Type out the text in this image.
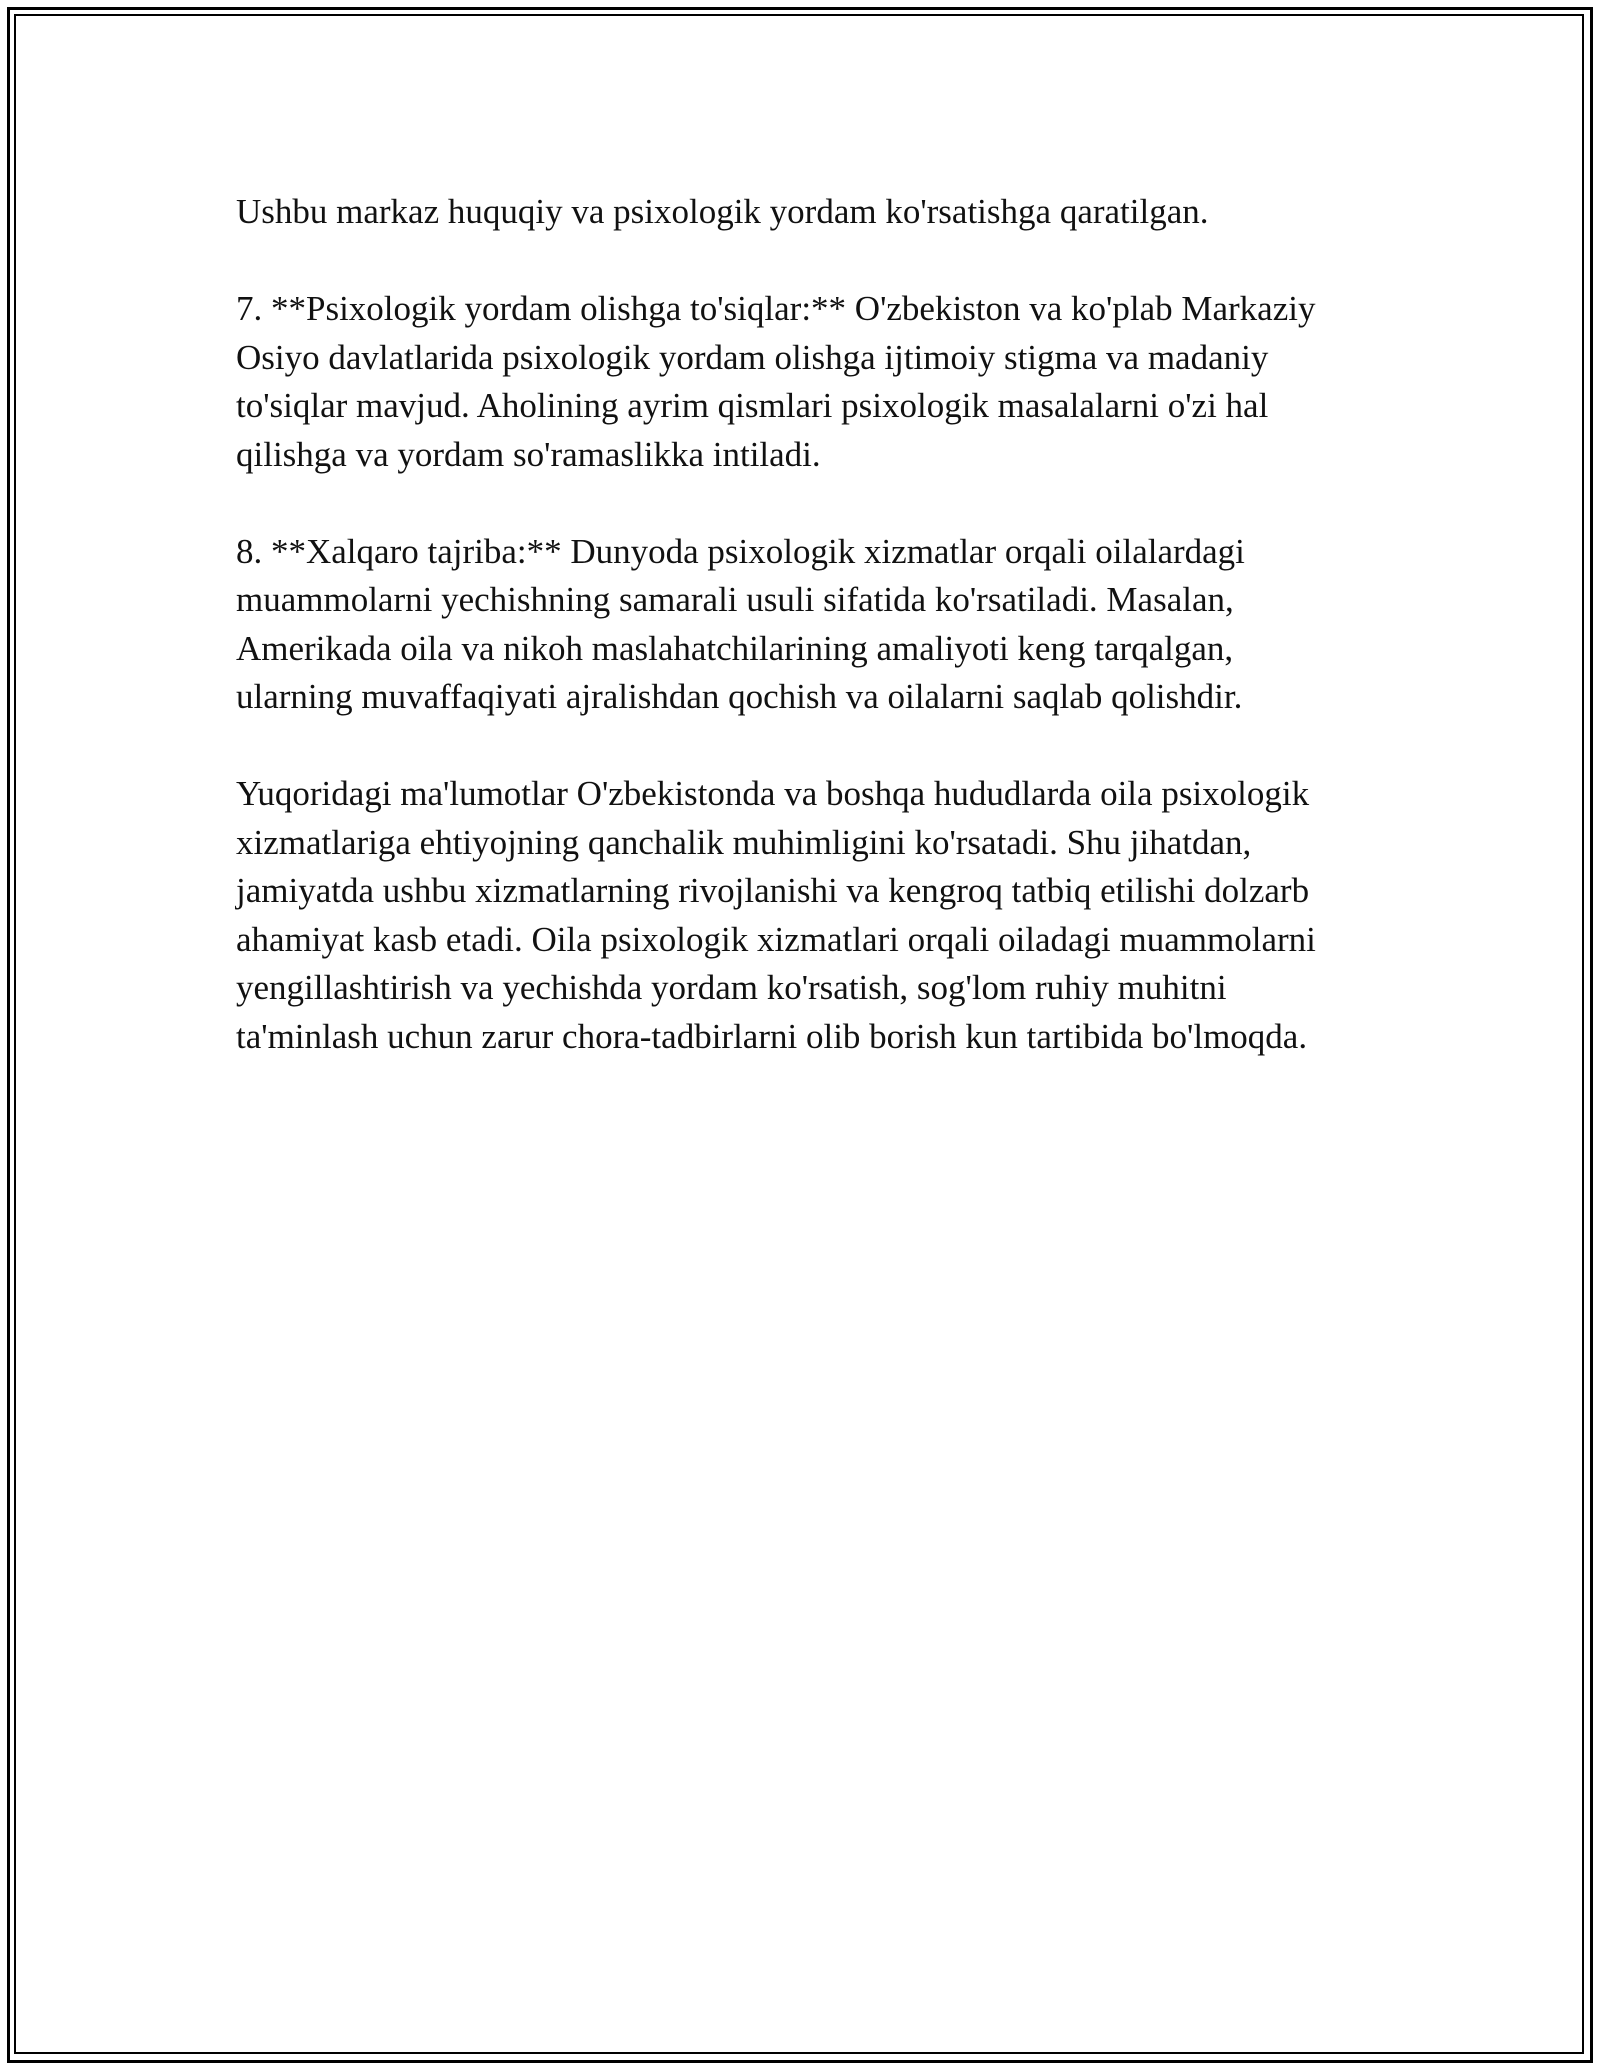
Ushbu markaz huquqiy va psixologik yordam ko'rsatishga qaratilgan.

7. **Psixologik yordam olishga to'siqlar:** O'zbekiston va ko'plab Markaziy
Osiyo davlatlarida psixologik yordam olishga ijtimoiy stigma va madaniy
to'siqlar mavjud. Aholining ayrim qismlari psixologik masalalarni o'zi hal
qilishga va yordam so'ramaslikka intiladi.

8. **Xalqaro tajriba:** Dunyoda psixologik xizmatlar orqali oilalardagi
muammolarni yechishning samarali usuli sifatida ko'rsatiladi. Masalan,
Amerikada oila va nikoh maslahatchilarining amaliyoti keng tarqalgan,
ularning muvaffaqiyati ajralishdan qochish va oilalarni saqlab qolishdir.

Yuqoridagi ma'lumotlar O'zbekistonda va boshqa hududlarda oila psixologik
xizmatlariga ehtiyojning qanchalik muhimligini ko'rsatadi. Shu jihatdan,
jamiyatda ushbu xizmatlarning rivojlanishi va kengroq tatbiq etilishi dolzarb
ahamiyat kasb etadi. Oila psixologik xizmatlari orqali oiladagi muammolarni
yengillashtirish va yechishda yordam ko'rsatish, sog'lom ruhiy muhitni
ta'minlash uchun zarur chora-tadbirlarni olib borish kun tartibida bo'lmoqda.
